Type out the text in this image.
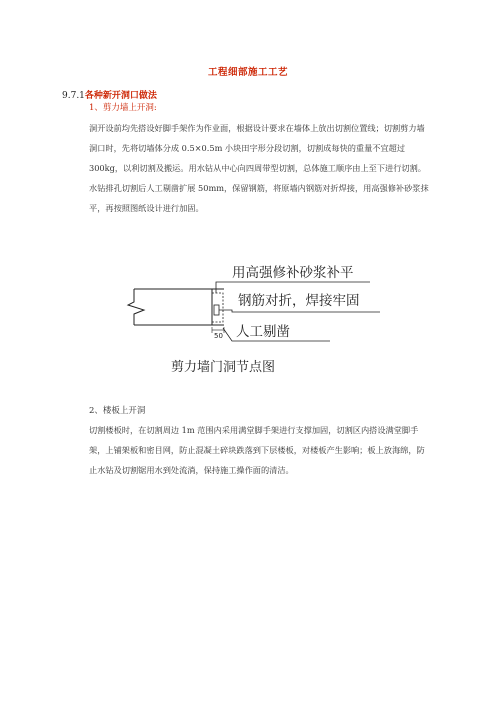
工程细部施工工艺
9.7.1各种新开洞口做法
1、剪力墙上开洞:

洞开设前均先搭设好脚手架作为作业面，根据设计要求在墙体上放出切割位置线；切割剪力墙洞口时，先将切墙体分成 0.5×0.5m 小块田字形分段切割，切割成每快的重量不宜超过 300kg，以利切割及搬运。用水钻从中心向四周带型切割，总体施工顺序由上至下进行切割。水钻排孔切割后人工剔凿扩展 50mm，保留钢筋，将原墙内钢筋对折焊接，用高强修补砂浆抹平，再按照图纸设计进行加固。

用高强修补砂浆补平
钢筋对折，焊接牢固
人工剔凿
50
剪力墙门洞节点图
2、楼板上开洞

切割楼板时，在切割周边 1m 范围内采用满堂脚手架进行支撑加固，切割区内搭设满堂脚手架，上铺架板和密目网，防止混凝土碎块跌落到下层楼板，对楼板产生影响；板上放海绵，防止水钻及切割锯用水到处流淌，保持施工操作面的清洁。
